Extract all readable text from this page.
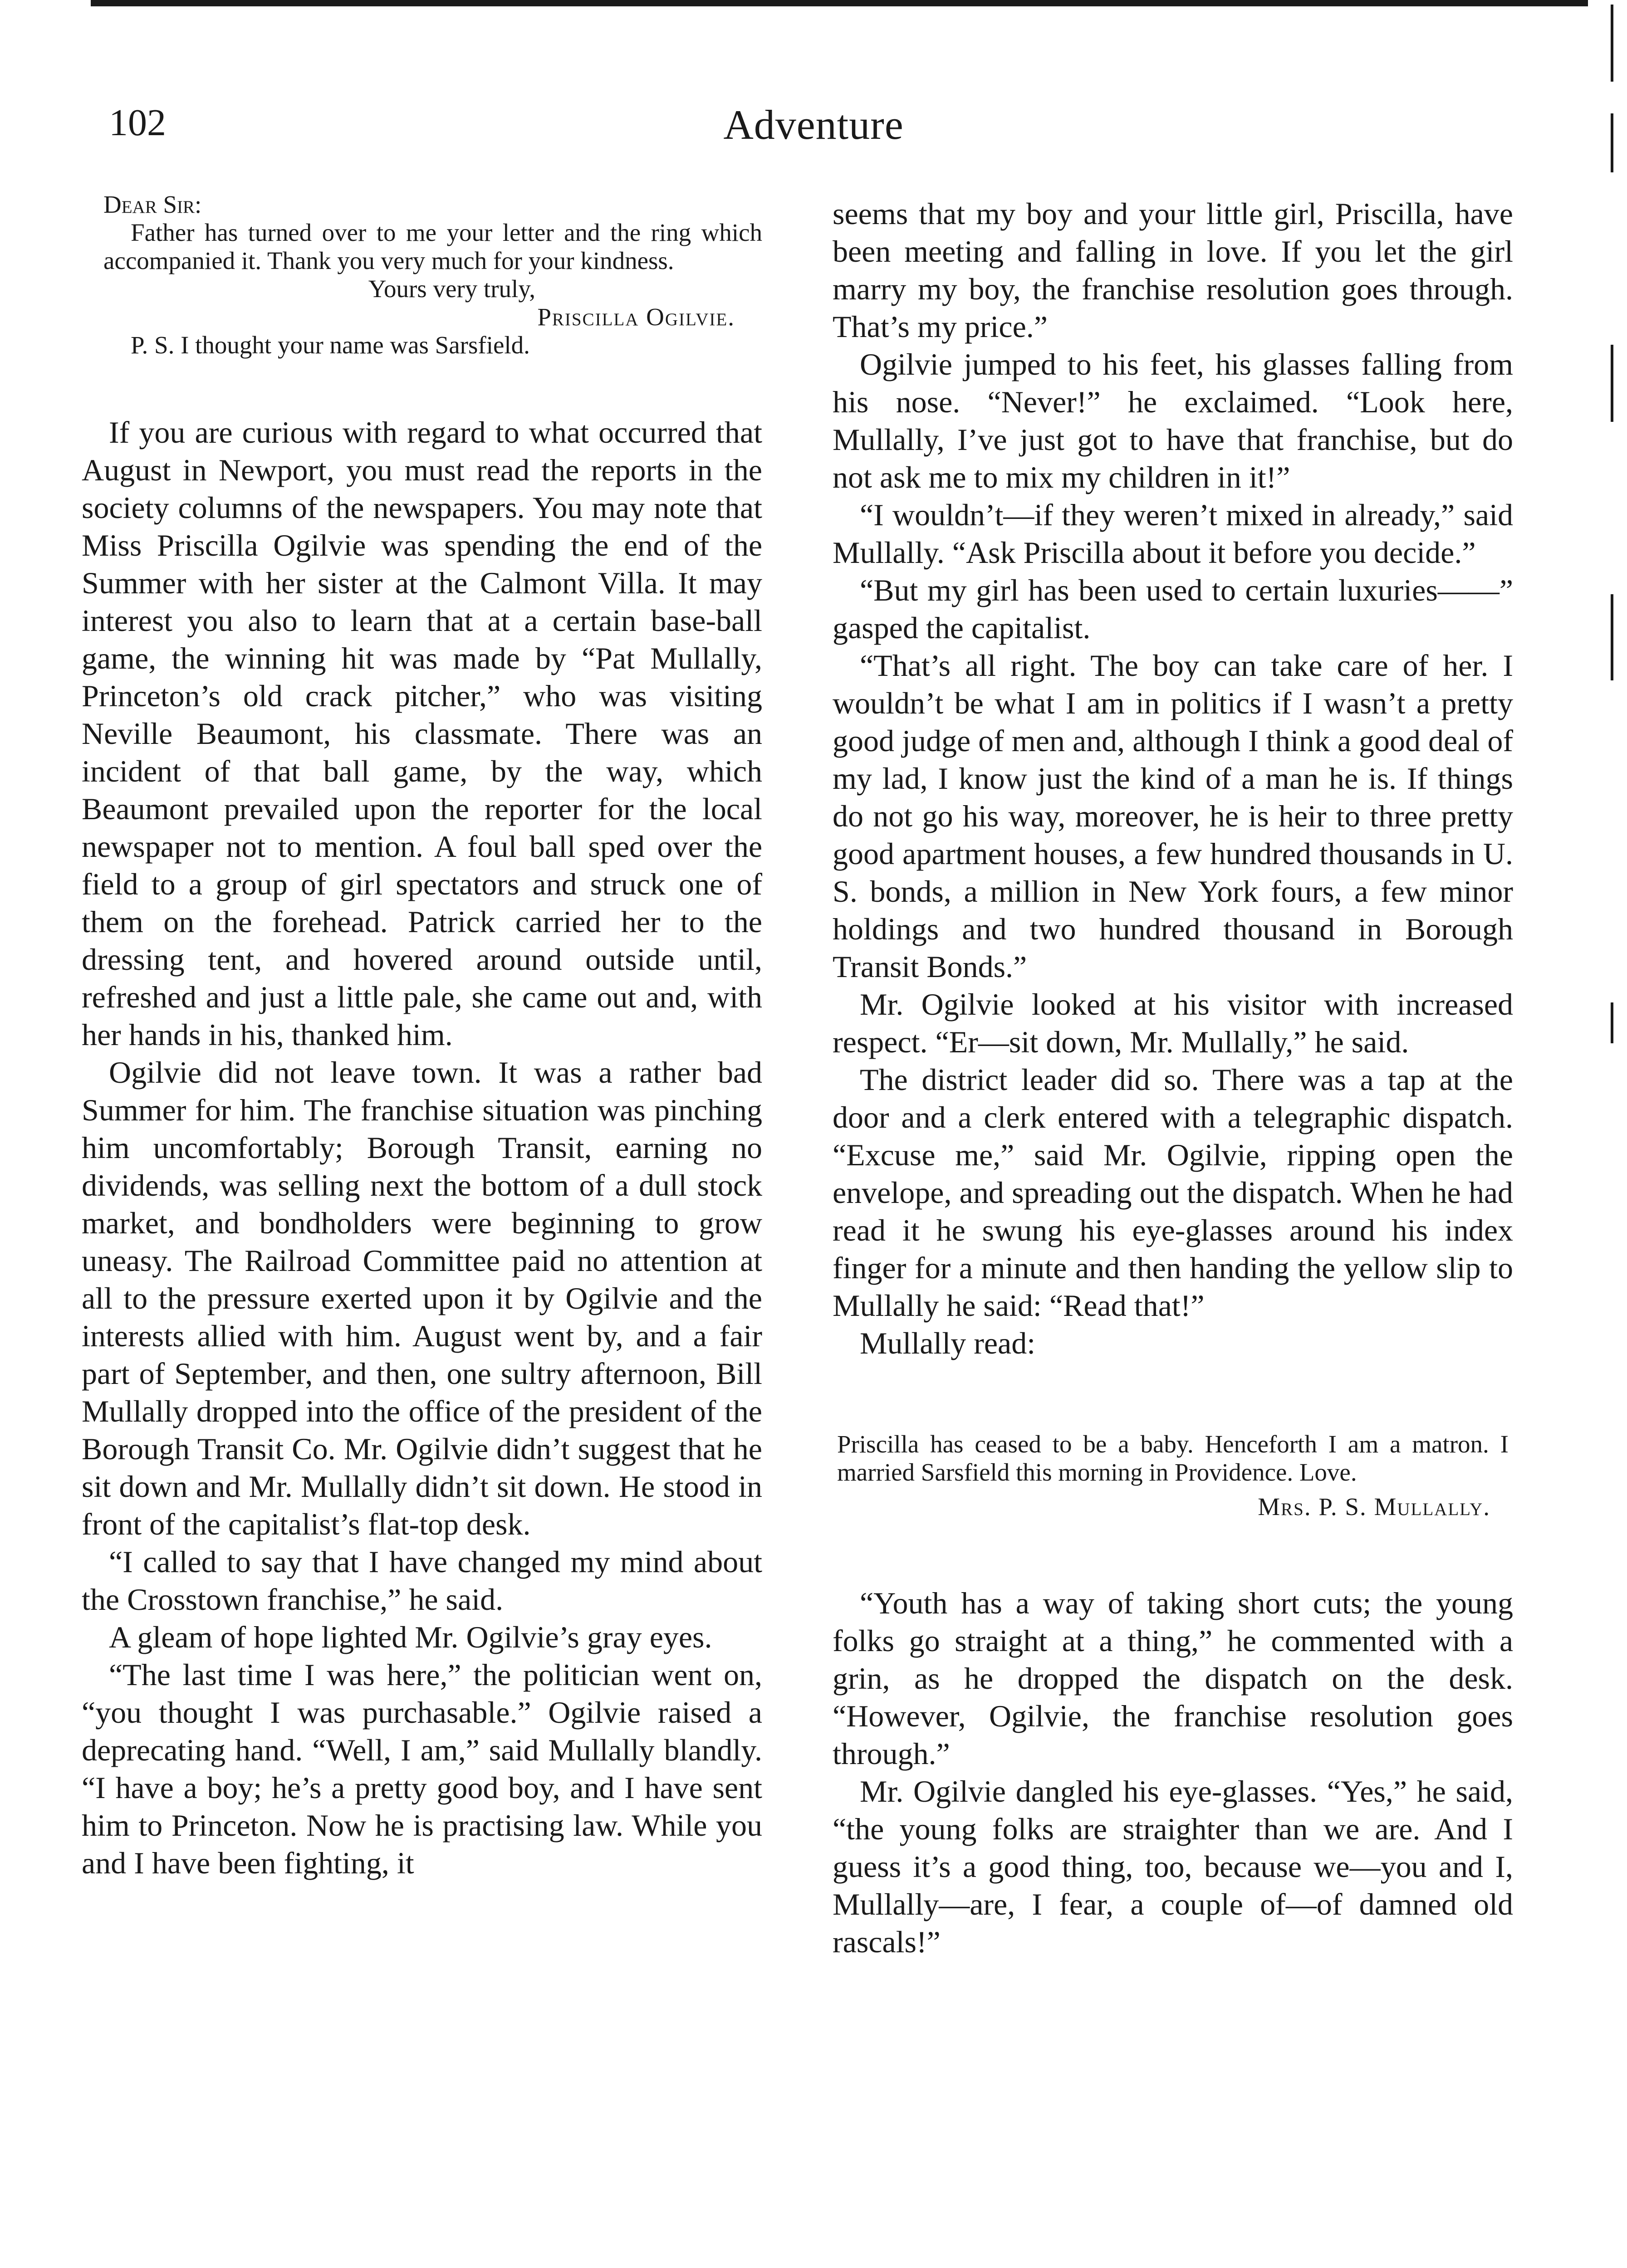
102	Adventure
Dear Sir:
Father has turned over to me your letter and the ring which accompanied it. Thank you very much for your kindness.
Yours very truly,
Priscilla Ogilvie.
P. S. I thought your name was Sarsfield.

If you are curious with regard to what occurred that August in Newport, you must read the reports in the society columns of the newspapers. You may note that Miss Priscilla Ogilvie was spending the end of the Summer with her sister at the Calmont Villa. It may interest you also to learn that at a certain base-ball game, the winning hit was made by “Pat Mullally, Princeton’s old crack pitcher,” who was visiting Neville Beaumont, his classmate. There was an incident of that ball game, by the way, which Beaumont prevailed upon the reporter for the local newspaper not to mention. A foul ball sped over the field to a group of girl spectators and struck one of them on the forehead. Patrick carried her to the dressing tent, and hovered around outside until, refreshed and just a little pale, she came out and, with her hands in his, thanked him.

Ogilvie did not leave town. It was a rather bad Summer for him. The franchise situation was pinching him uncomfortably; Borough Transit, earning no dividends, was selling next the bottom of a dull stock market, and bondholders were beginning to grow uneasy. The Railroad Committee paid no attention at all to the pressure exerted upon it by Ogilvie and the interests allied with him. August went by, and a fair part of September, and then, one sultry afternoon, Bill Mullally dropped into the office of the president of the Borough Transit Co. Mr. Ogilvie didn’t suggest that he sit down and Mr. Mullally didn’t sit down. He stood in front of the capitalist’s flat-top desk.

“I called to say that I have changed my mind about the Crosstown franchise,” he said.

A gleam of hope lighted Mr. Ogilvie’s gray eyes.

“The last time I was here,” the politician went on, “you thought I was purchasable.” Ogilvie raised a deprecating hand. “Well, I am,” said Mullally blandly. “I have a boy; he’s a pretty good boy, and I have sent him to Princeton. Now he is practising law. While you and I have been fighting, it

seems that my boy and your little girl, Priscilla, have been meeting and falling in love. If you let the girl marry my boy, the franchise resolution goes through. That’s my price.”

Ogilvie jumped to his feet, his glasses falling from his nose. “Never!” he exclaimed. “Look here, Mullally, I’ve just got to have that franchise, but do not ask me to mix my children in it!”

“I wouldn’t—if they weren’t mixed in already,” said Mullally. “Ask Priscilla about it before you decide.”

“But my girl has been used to certain luxuries——” gasped the capitalist.

“That’s all right. The boy can take care of her. I wouldn’t be what I am in politics if I wasn’t a pretty good judge of men and, although I think a good deal of my lad, I know just the kind of a man he is. If things do not go his way, moreover, he is heir to three pretty good apartment houses, a few hundred thousands in U. S. bonds, a million in New York fours, a few minor holdings and two hundred thousand in Borough Transit Bonds.”

Mr. Ogilvie looked at his visitor with increased respect. “Er—sit down, Mr. Mullally,” he said.

The district leader did so. There was a tap at the door and a clerk entered with a telegraphic dispatch. “Excuse me,” said Mr. Ogilvie, ripping open the envelope, and spreading out the dispatch. When he had read it he swung his eye-glasses around his index finger for a minute and then handing the yellow slip to Mullally he said: “Read that!”

Mullally read:

Priscilla has ceased to be a baby. Henceforth I am a matron. I married Sarsfield this morning in Providence. Love.
Mrs. P. S. Mullally.

“Youth has a way of taking short cuts; the young folks go straight at a thing,” he commented with a grin, as he dropped the dispatch on the desk. “However, Ogilvie, the franchise resolution goes through.”

Mr. Ogilvie dangled his eye-glasses. “Yes,” he said, “the young folks are straighter than we are. And I guess it’s a good thing, too, because we—you and I, Mullally—are, I fear, a couple of—of damned old rascals!”
